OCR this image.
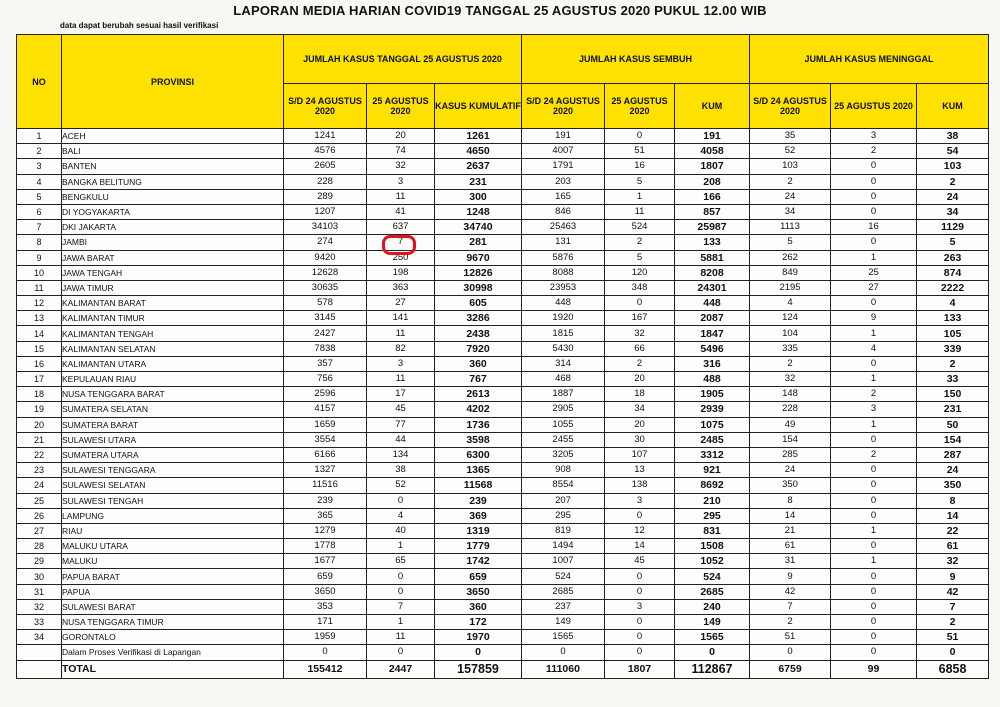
LAPORAN MEDIA HARIAN COVID19 TANGGAL 25 AGUSTUS 2020 PUKUL 12.00 WIB
data dapat berubah sesuai hasil verifikasi
NO	PROVINSI	JUMLAH KASUS TANGGAL 25 AGUSTUS 2020			JUMLAH KASUS SEMBUH			JUMLAH KASUS MENINGGAL		
		S/D 24 AGUSTUS 2020	25 AGUSTUS 2020	KASUS KUMULATIF	S/D 24 AGUSTUS 2020	25 AGUSTUS 2020	KUM	S/D 24 AGUSTUS 2020	25 AGUSTUS 2020	KUM
1	ACEH	1241	20	1261	191	0	191	35	3	38
2	BALI	4576	74	4650	4007	51	4058	52	2	54
3	BANTEN	2605	32	2637	1791	16	1807	103	0	103
4	BANGKA BELITUNG	228	3	231	203	5	208	2	0	2
5	BENGKULU	289	11	300	165	1	166	24	0	24
6	DI YOGYAKARTA	1207	41	1248	846	11	857	34	0	34
7	DKI JAKARTA	34103	637	34740	25463	524	25987	1113	16	1129
8	JAMBI	274	7	281	131	2	133	5	0	5
9	JAWA BARAT	9420	250	9670	5876	5	5881	262	1	263
10	JAWA TENGAH	12628	198	12826	8088	120	8208	849	25	874
11	JAWA TIMUR	30635	363	30998	23953	348	24301	2195	27	2222
12	KALIMANTAN BARAT	578	27	605	448	0	448	4	0	4
13	KALIMANTAN TIMUR	3145	141	3286	1920	167	2087	124	9	133
14	KALIMANTAN TENGAH	2427	11	2438	1815	32	1847	104	1	105
15	KALIMANTAN SELATAN	7838	82	7920	5430	66	5496	335	4	339
16	KALIMANTAN UTARA	357	3	360	314	2	316	2	0	2
17	KEPULAUAN RIAU	756	11	767	468	20	488	32	1	33
18	NUSA TENGGARA BARAT	2596	17	2613	1887	18	1905	148	2	150
19	SUMATERA SELATAN	4157	45	4202	2905	34	2939	228	3	231
20	SUMATERA BARAT	1659	77	1736	1055	20	1075	49	1	50
21	SULAWESI UTARA	3554	44	3598	2455	30	2485	154	0	154
22	SUMATERA UTARA	6166	134	6300	3205	107	3312	285	2	287
23	SULAWESI TENGGARA	1327	38	1365	908	13	921	24	0	24
24	SULAWESI SELATAN	11516	52	11568	8554	138	8692	350	0	350
25	SULAWESI TENGAH	239	0	239	207	3	210	8	0	8
26	LAMPUNG	365	4	369	295	0	295	14	0	14
27	RIAU	1279	40	1319	819	12	831	21	1	22
28	MALUKU UTARA	1778	1	1779	1494	14	1508	61	0	61
29	MALUKU	1677	65	1742	1007	45	1052	31	1	32
30	PAPUA BARAT	659	0	659	524	0	524	9	0	9
31	PAPUA	3650	0	3650	2685	0	2685	42	0	42
32	SULAWESI BARAT	353	7	360	237	3	240	7	0	7
33	NUSA TENGGARA TIMUR	171	1	172	149	0	149	2	0	2
34	GORONTALO	1959	11	1970	1565	0	1565	51	0	51
	Dalam Proses Verifikasi di Lapangan	0	0	0	0	0	0	0	0	0
	TOTAL	155412	2447	157859	111060	1807	112867	6759	99	6858
